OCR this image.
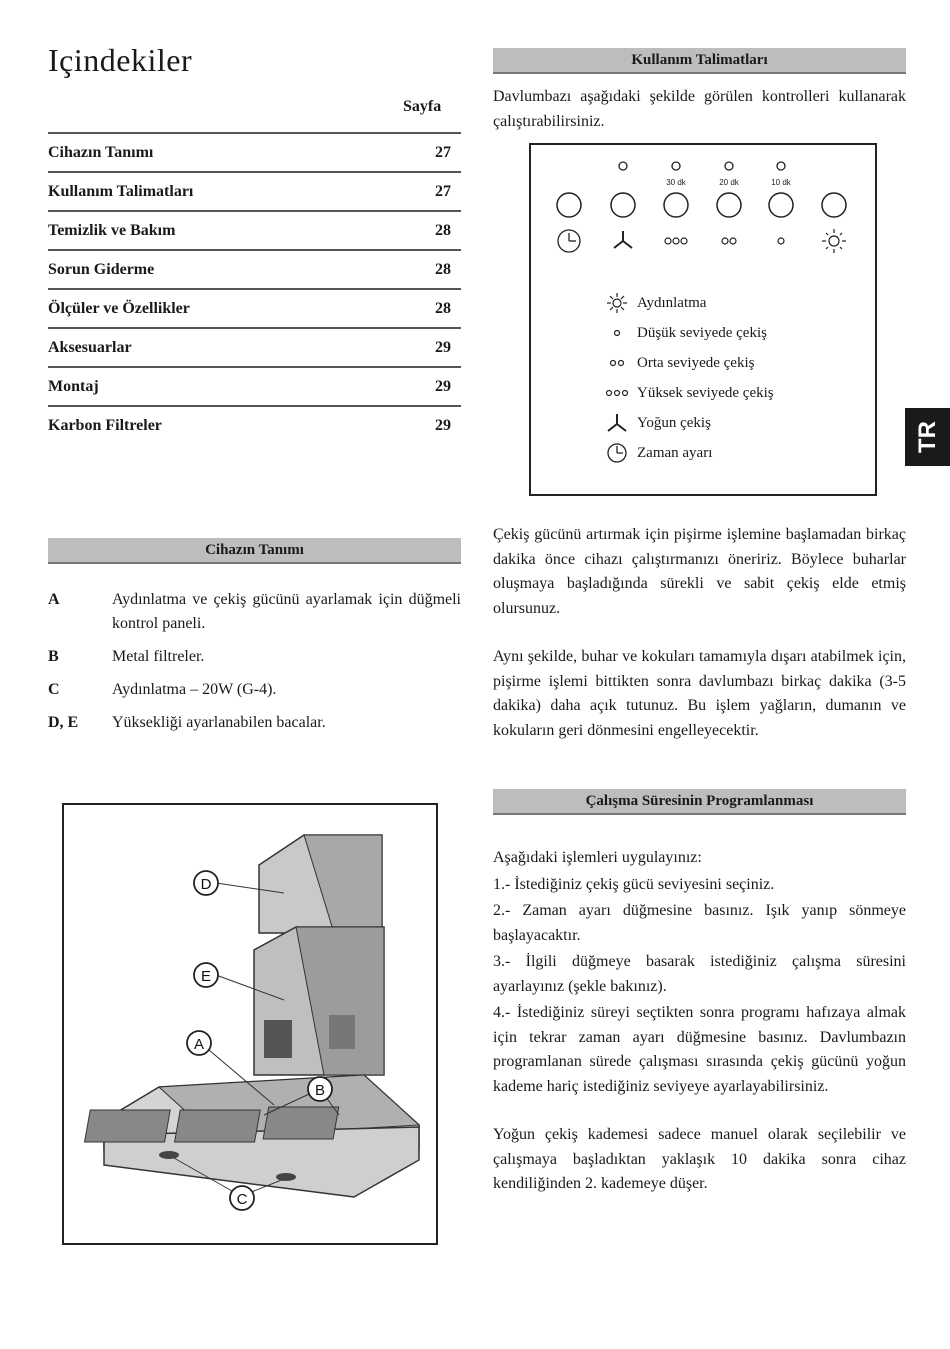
Içindekiler
Sayfa
Cihazın Tanımı	27
Kullanım Talimatları	27
Temizlik ve Bakım	28
Sorun Giderme	28
Ölçüler ve Özellikler	28
Aksesuarlar	29
Montaj	29
Karbon Filtreler	29
Cihazın Tanımı
A	Aydınlatma ve çekiş gücünü ayarlamak için düğmeli kontrol paneli.
B	Metal filtreler.
C	Aydınlatma – 20W (G-4).
D, E	Yüksekliği ayarlanabilen bacalar.
D
E
A
B
C
Kullanım Talimatları

Davlumbazı aşağıdaki şekilde görülen kontrolleri kullanarak çalıştırabilirsiniz.

30 dk	20 dk	10 dk
Aydınlatma
Düşük seviyede çekiş
Orta seviyede çekiş
Yüksek seviyede çekiş
Yoğun çekiş
Zaman ayarı	TR

Çekiş gücünü artırmak için pişirme işlemine başlamadan birkaç dakika önce cihazı çalıştırmanızı öneririz. Böylece buharlar oluşmaya başladığında sürekli ve sabit çekiş elde etmiş olursunuz.

Aynı şekilde, buhar ve kokuları tamamıyla dışarı atabilmek için, pişirme işlemi bittikten sonra davlumbazı birkaç dakika (3-5 dakika) daha açık tutunuz. Bu işlem yağların, dumanın ve kokuların geri dönmesini engelleyecektir.

Çalışma Süresinin Programlanması

Aşağıdaki işlemleri uygulayınız:

1.- İstediğiniz çekiş gücü seviyesini seçiniz.

2.- Zaman ayarı düğmesine basınız. Işık yanıp sönmeye başlayacaktır.

3.- İlgili düğmeye basarak istediğiniz çalışma süresini ayarlayınız (şekle bakınız).

4.- İstediğiniz süreyi seçtikten sonra programı hafızaya almak için tekrar zaman ayarı düğmesine basınız. Davlumbazın programlanan sürede çalışması sırasında çekiş gücünü yoğun kademe hariç istediğiniz seviyeye ayarlayabilirsiniz.

Yoğun çekiş kademesi sadece manuel olarak seçilebilir ve çalışmaya başladıktan yaklaşık 10 dakika sonra cihaz kendiliğinden 2. kademeye düşer.
